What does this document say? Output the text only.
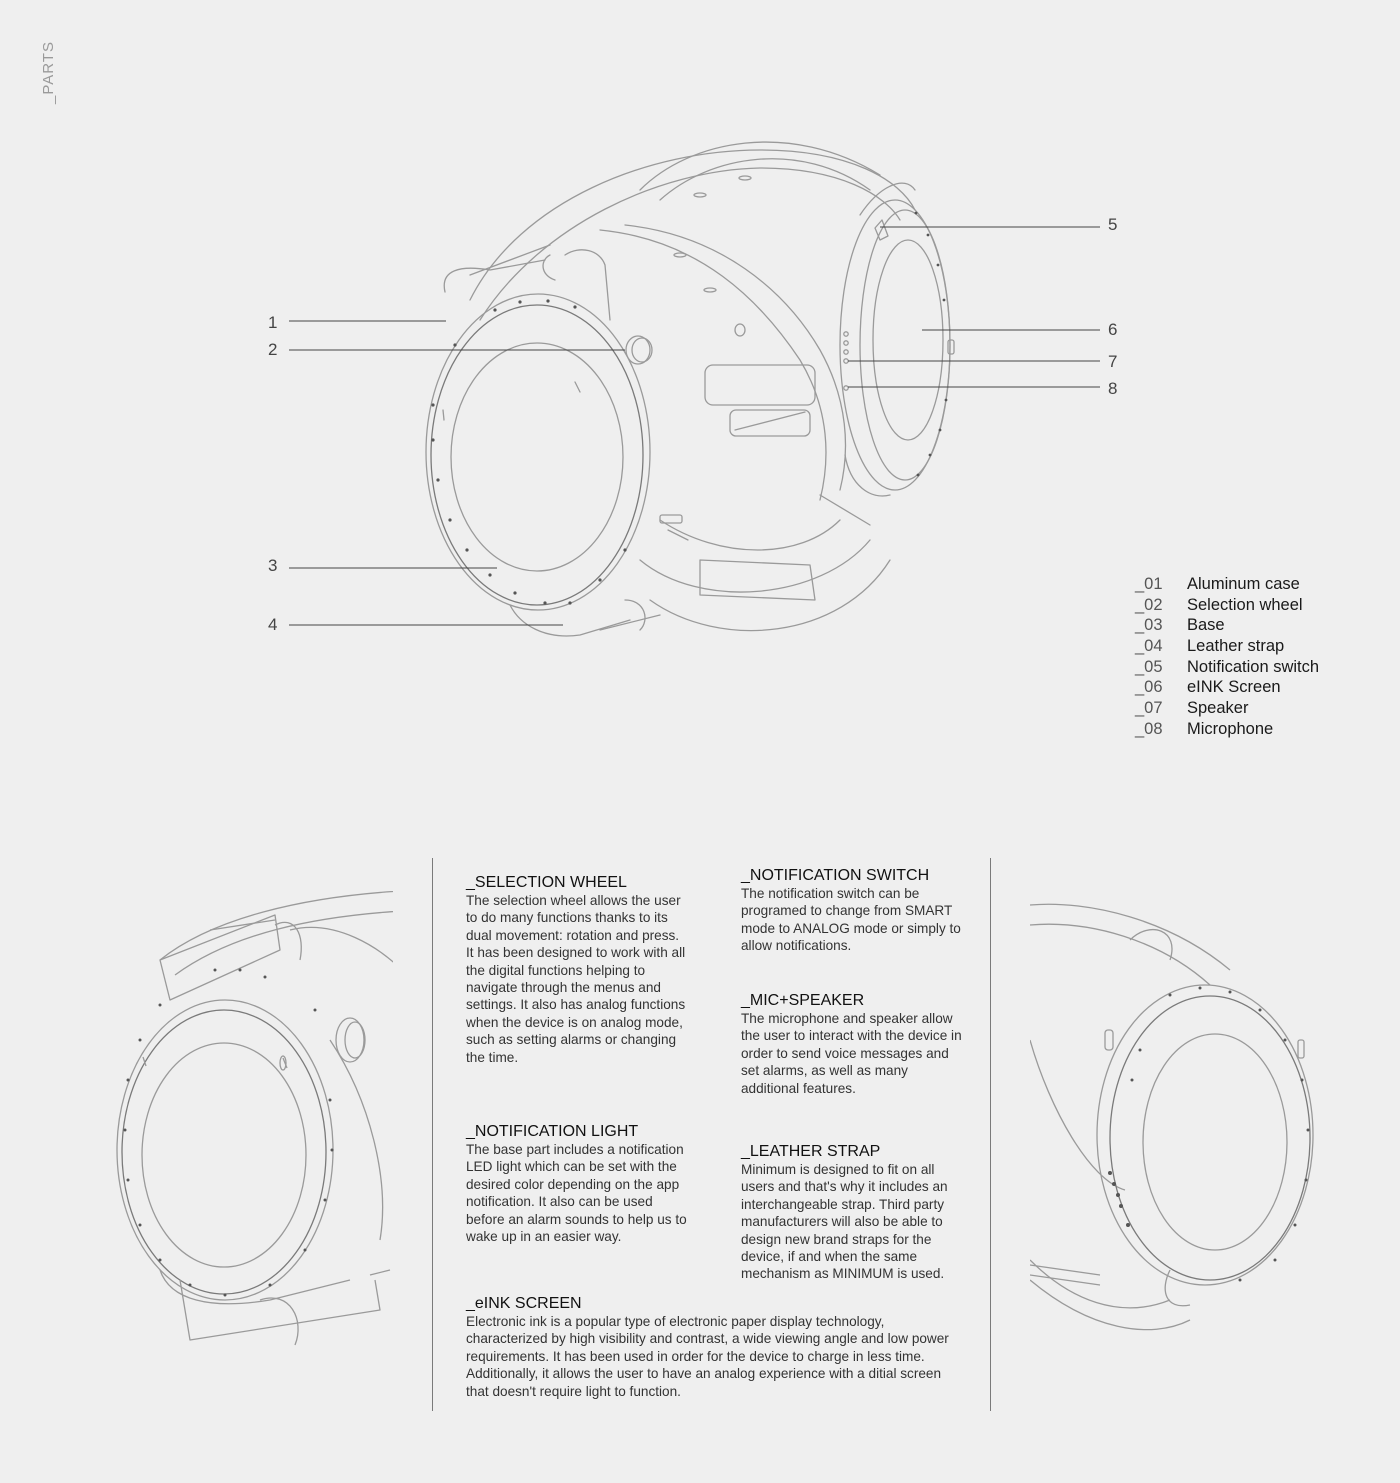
_PARTS
1
2
3
4
5
6
7
8
_01	Aluminum case
_02	Selection wheel
_03	Base
_04	Leather strap
_05	Notification switch
_06	eINK Screen
_07	Speaker
_08	Microphone

_SELECTION WHEEL

The selection wheel allows the user to do many functions thanks to its dual movement: rotation and press. It has been designed to work with all the digital functions helping to navigate through the menus and settings. It also has analog functions when the device is on analog mode, such as setting alarms or changing the time.

_NOTIFICATION SWITCH

The notification switch can be programed to change from SMART mode to ANALOG mode or simply to allow notifications.

_MIC+SPEAKER

The microphone and speaker allow the user to interact with the device in order to send voice messages and set alarms, as well as many additional features.

_NOTIFICATION LIGHT

The base part includes a notification LED light which can be set with the desired color depending on the app notification. It also can be used before an alarm sounds to help us to wake up in an easier way.

_LEATHER STRAP

Minimum is designed to fit on all users and that's why it includes an interchangeable strap. Third party manufacturers will also be able to design new brand straps for the device, if and when the same mechanism as MINIMUM is used.

_eINK SCREEN

Electronic ink is a popular type of electronic paper display technology, characterized by high visibility and contrast, a wide viewing angle and low power requirements. It has been used in order for the device to charge in less time. Additionally, it allows the user to have an analog experience with a ditial screen that doesn't require light to function.
